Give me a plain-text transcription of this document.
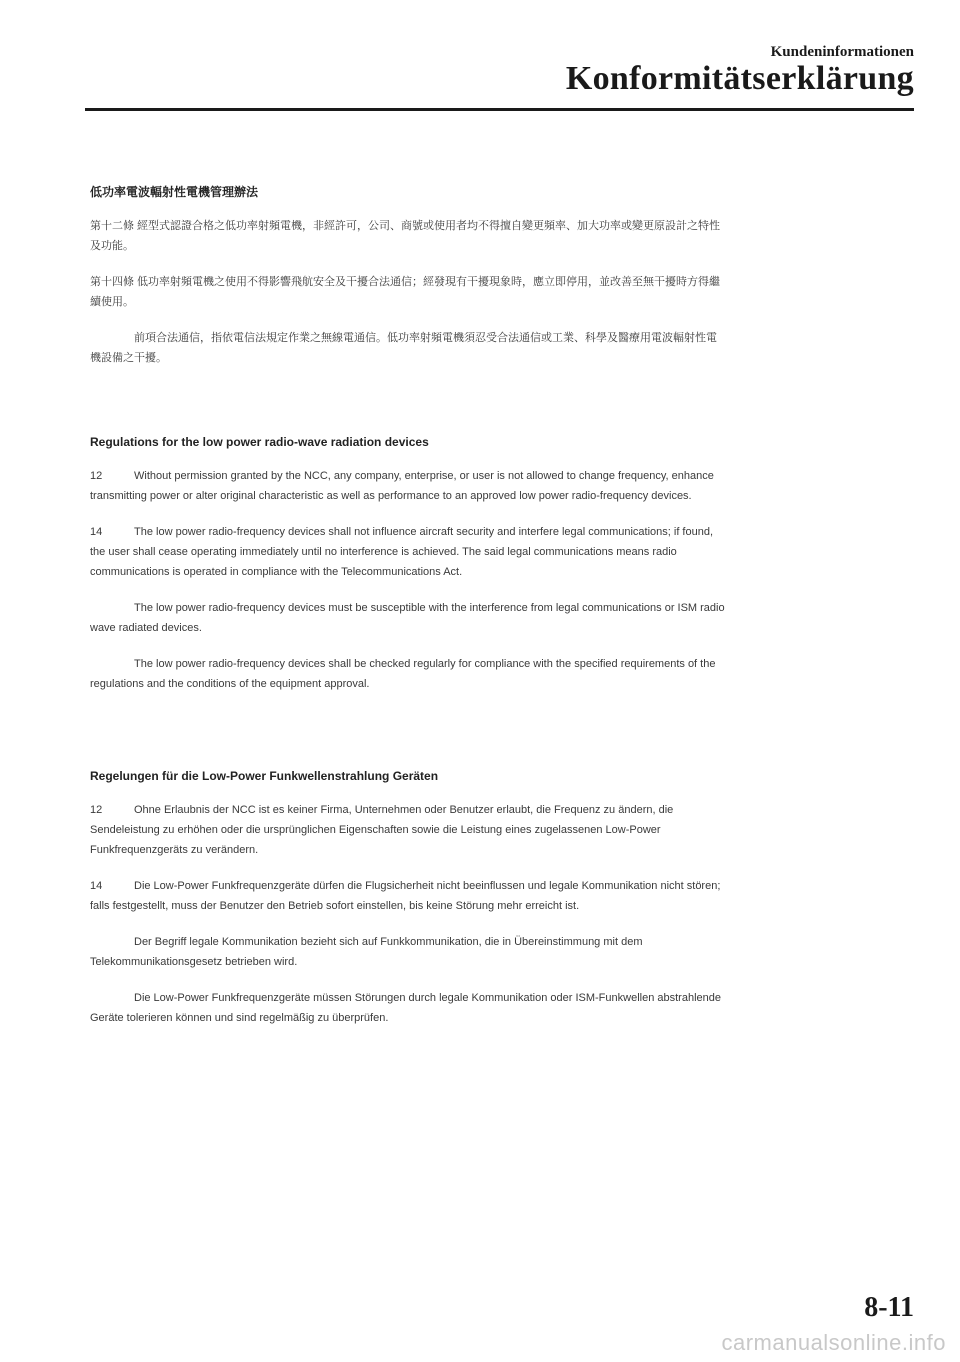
Kundeninformationen
Konformitätserklärung

低功率電波輻射性電機管理辦法

第十二條 經型式認證合格之低功率射頻電機，非經許可，公司、商號或使用者均不得擅自變更頻率、加大功率或變更原設計之特性及功能。

第十四條 低功率射頻電機之使用不得影響飛航安全及干擾合法通信；經發現有干擾現象時，應立即停用，並改善至無干擾時方得繼續使用。

前項合法通信，指依電信法規定作業之無線電通信。低功率射頻電機須忍受合法通信或工業、科學及醫療用電波輻射性電機設備之干擾。

Regulations for the low power radio-wave radiation devices

12	Without permission granted by the NCC, any company, enterprise, or user is not allowed to change frequency, enhance transmitting power or alter original characteristic as well as performance to an approved low power radio-frequency devices.

14	The low power radio-frequency devices shall not influence aircraft security and interfere legal communications; if found, the user shall cease operating immediately until no interference is achieved. The said legal communications means radio communications is operated in compliance with the Telecommunications Act.

The low power radio-frequency devices must be susceptible with the interference from legal communications or ISM radio wave radiated devices.

The low power radio-frequency devices shall be checked regularly for compliance with the specified requirements of the regulations and the conditions of the equipment approval.

Regelungen für die Low-Power Funkwellenstrahlung Geräten

12	Ohne Erlaubnis der NCC ist es keiner Firma, Unternehmen oder Benutzer erlaubt, die Frequenz zu ändern, die Sendeleistung zu erhöhen oder die ursprünglichen Eigenschaften sowie die Leistung eines zugelassenen Low-Power Funkfrequenzgeräts zu verändern.

14	Die Low-Power Funkfrequenzgeräte dürfen die Flugsicherheit nicht beeinflussen und legale Kommunikation nicht stören; falls festgestellt, muss der Benutzer den Betrieb sofort einstellen, bis keine Störung mehr erreicht ist.

Der Begriff legale Kommunikation bezieht sich auf Funkkommunikation, die in Übereinstimmung mit dem Telekommunikationsgesetz betrieben wird.

Die Low-Power Funkfrequenzgeräte müssen Störungen durch legale Kommunikation oder ISM-Funkwellen abstrahlende Geräte tolerieren können und sind regelmäßig zu überprüfen.

8-11
carmanualsonline.info
